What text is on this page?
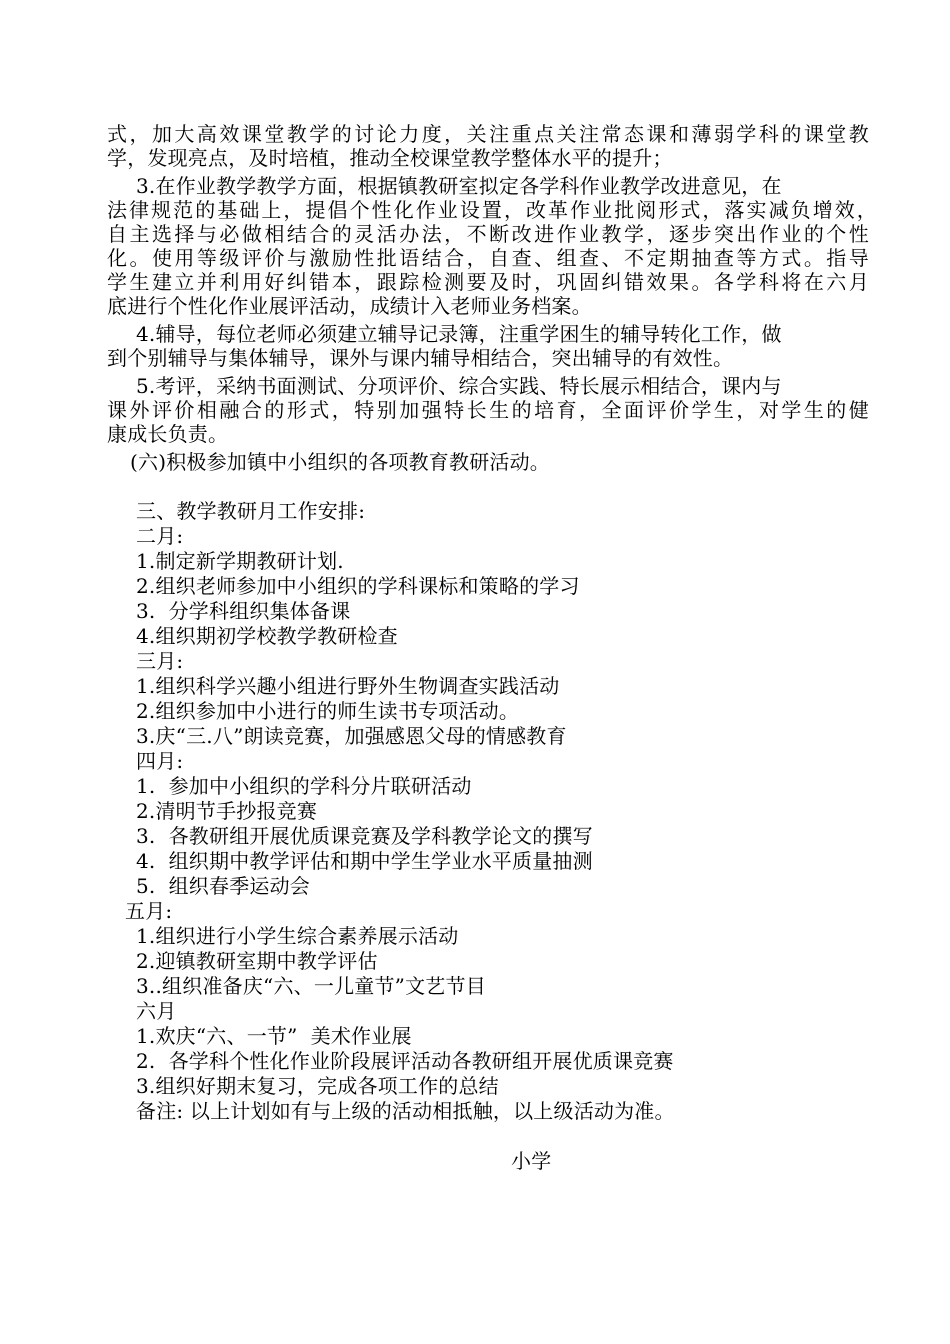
式，加大高效课堂教学的讨论力度，关注重点关注常态课和薄弱学科的课堂教
学，发现亮点，及时培植，推动全校课堂教学整体水平的提升；
3.在作业教学教学方面，根据镇教研室拟定各学科作业教学改进意见，在
法律规范的基础上，提倡个性化作业设置，改革作业批阅形式，落实减负增效，
自主选择与必做相结合的灵活办法，不断改进作业教学，逐步突出作业的个性
化。使用等级评价与激励性批语结合，自查、组查、不定期抽查等方式。指导
学生建立并利用好纠错本，跟踪检测要及时，巩固纠错效果。各学科将在六月
底进行个性化作业展评活动，成绩计入老师业务档案。
4.辅导，每位老师必须建立辅导记录簿，注重学困生的辅导转化工作，做
到个别辅导与集体辅导，课外与课内辅导相结合，突出辅导的有效性。
5.考评，采纳书面测试、分项评价、综合实践、特长展示相结合，课内与
课外评价相融合的形式，特别加强特长生的培育，全面评价学生，对学生的健
康成长负责。
(六)积极参加镇中小组织的各项教育教研活动。
三、教学教研月工作安排:
二月:
1.制定新学期教研计划.
2.组织老师参加中小组织的学科课标和策略的学习
3.  分学科组织集体备课
4.组织期初学校教学教研检查
三月:
1.组织科学兴趣小组进行野外生物调查实践活动
2.组织参加中小进行的师生读书专项活动。
3.庆“三.八”朗读竞赛，加强感恩父母的情感教育
四月:
1.  参加中小组织的学科分片联研活动
2.清明节手抄报竞赛
3.  各教研组开展优质课竞赛及学科教学论文的撰写
4.  组织期中教学评估和期中学生学业水平质量抽测
5.  组织春季运动会
五月:
1.组织进行小学生综合素养展示活动
2.迎镇教研室期中教学评估
3..组织准备庆“六、一儿童节”文艺节目
六月
1.欢庆“六、一节”  美术作业展
2.  各学科个性化作业阶段展评活动各教研组开展优质课竞赛
3.组织好期末复习，完成各项工作的总结
备注: 以上计划如有与上级的活动相抵触，以上级活动为准。
小学
